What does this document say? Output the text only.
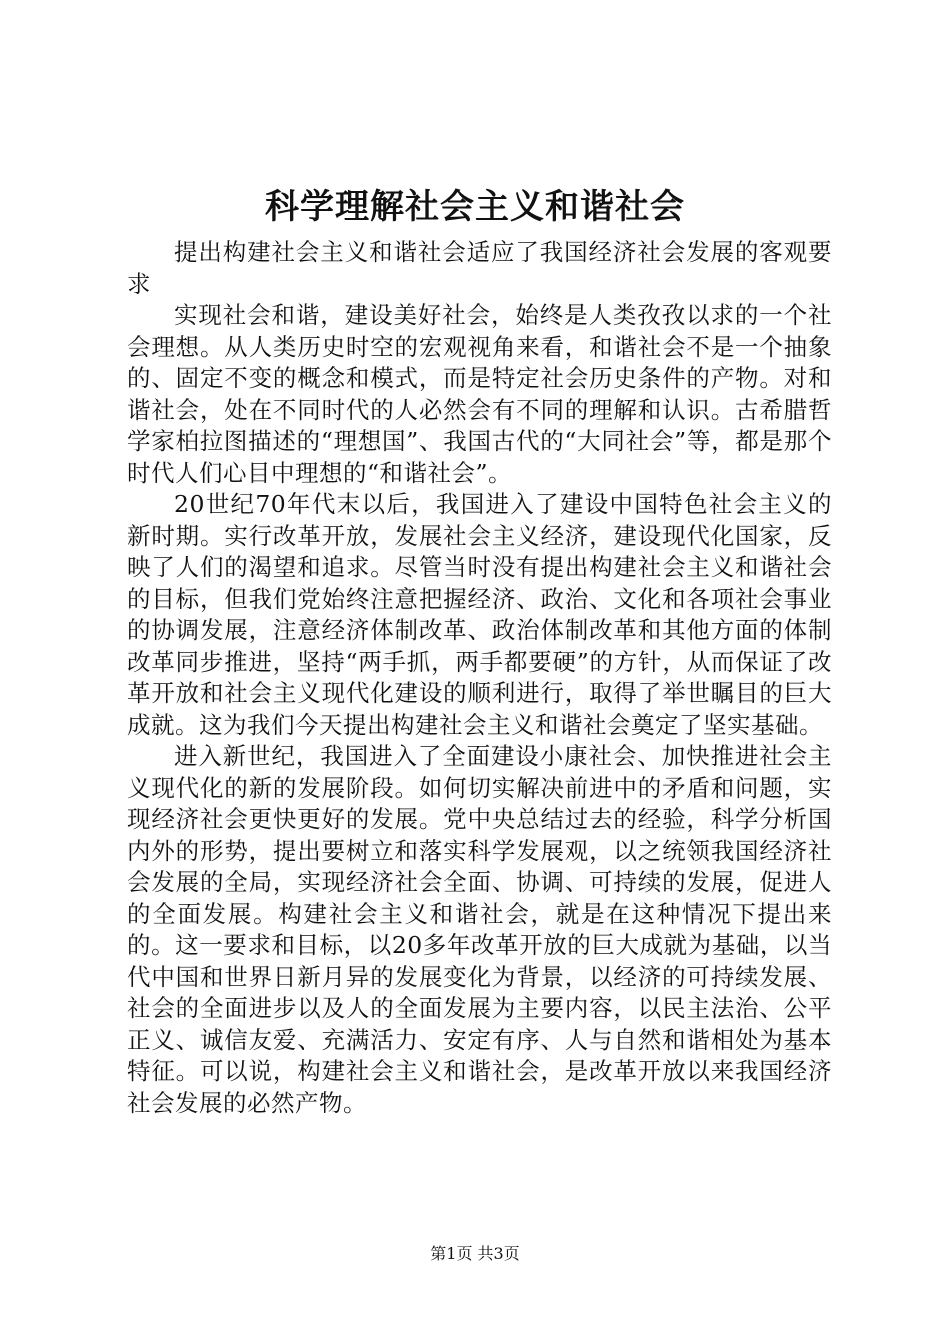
科学理解社会主义和谐社会

提出构建社会主义和谐社会适应了我国经济社会发展的客观要求

实现社会和谐，建设美好社会，始终是人类孜孜以求的一个社会理想。从人类历史时空的宏观视角来看，和谐社会不是一个抽象的、固定不变的概念和模式，而是特定社会历史条件的产物。对和谐社会，处在不同时代的人必然会有不同的理解和认识。古希腊哲学家柏拉图描述的“理想国”、我国古代的“大同社会”等，都是那个时代人们心目中理想的“和谐社会”。

20世纪70年代末以后，我国进入了建设中国特色社会主义的新时期。实行改革开放，发展社会主义经济，建设现代化国家，反映了人们的渴望和追求。尽管当时没有提出构建社会主义和谐社会的目标，但我们党始终注意把握经济、政治、文化和各项社会事业的协调发展，注意经济体制改革、政治体制改革和其他方面的体制改革同步推进，坚持“两手抓，两手都要硬”的方针，从而保证了改革开放和社会主义现代化建设的顺利进行，取得了举世瞩目的巨大成就。这为我们今天提出构建社会主义和谐社会奠定了坚实基础。

进入新世纪，我国进入了全面建设小康社会、加快推进社会主义现代化的新的发展阶段。如何切实解决前进中的矛盾和问题，实现经济社会更快更好的发展。党中央总结过去的经验，科学分析国内外的形势，提出要树立和落实科学发展观，以之统领我国经济社会发展的全局，实现经济社会全面、协调、可持续的发展，促进人的全面发展。构建社会主义和谐社会，就是在这种情况下提出来的。这一要求和目标，以20多年改革开放的巨大成就为基础，以当代中国和世界日新月异的发展变化为背景，以经济的可持续发展、社会的全面进步以及人的全面发展为主要内容，以民主法治、公平正义、诚信友爱、充满活力、安定有序、人与自然和谐相处为基本特征。可以说，构建社会主义和谐社会，是改革开放以来我国经济社会发展的必然产物。

第1页 共3页
